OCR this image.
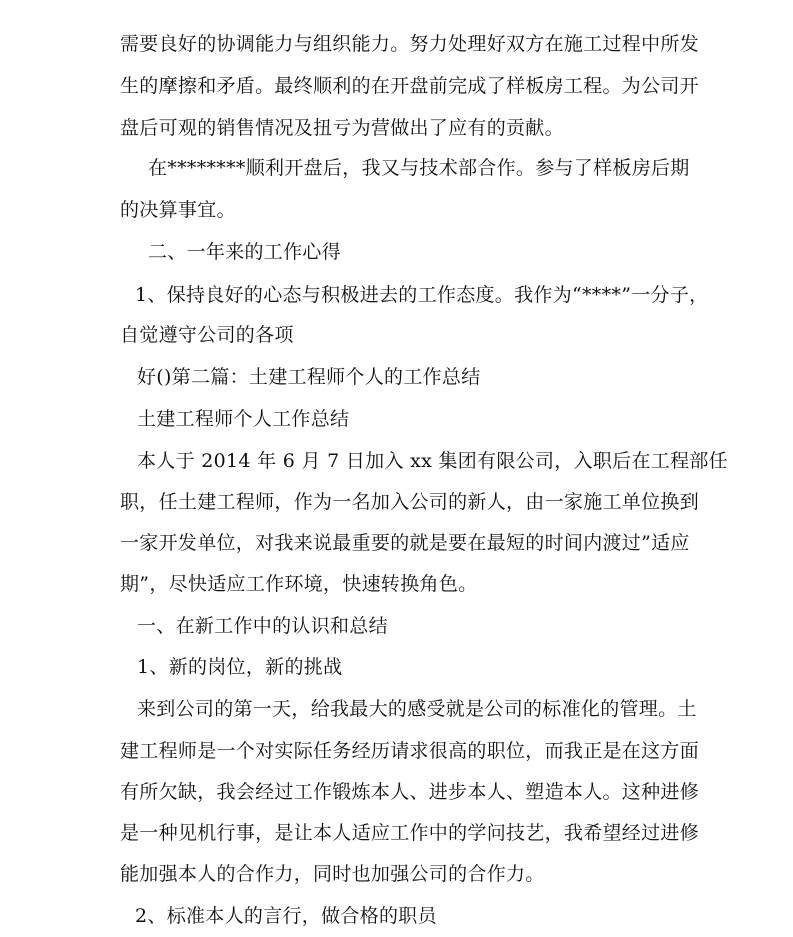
需要良好的协调能力与组织能力。努力处理好双方在施工过程中所发
生的摩擦和矛盾。最终顺利的在开盘前完成了样板房工程。为公司开
盘后可观的销售情况及扭亏为营做出了应有的贡献。
在********顺利开盘后，我又与技术部合作。参与了样板房后期
的决算事宜。
二、一年来的工作心得
1、保持良好的心态与积极进去的工作态度。我作为“****”一分子，
自觉遵守公司的各项
好()第二篇：土建工程师个人的工作总结
土建工程师个人工作总结
本人于 2014 年 6 月 7 日加入 xx 集团有限公司，入职后在工程部任
职，任土建工程师，作为一名加入公司的新人，由一家施工单位换到
一家开发单位，对我来说最重要的就是要在最短的时间内渡过”适应
期”，尽快适应工作环境，快速转换角色。
一、在新工作中的认识和总结
1、新的岗位，新的挑战
来到公司的第一天，给我最大的感受就是公司的标准化的管理。土
建工程师是一个对实际任务经历请求很高的职位，而我正是在这方面
有所欠缺，我会经过工作锻炼本人、进步本人、塑造本人。这种进修
是一种见机行事，是让本人适应工作中的学问技艺，我希望经过进修
能加强本人的合作力，同时也加强公司的合作力。
2、标准本人的言行，做合格的职员
